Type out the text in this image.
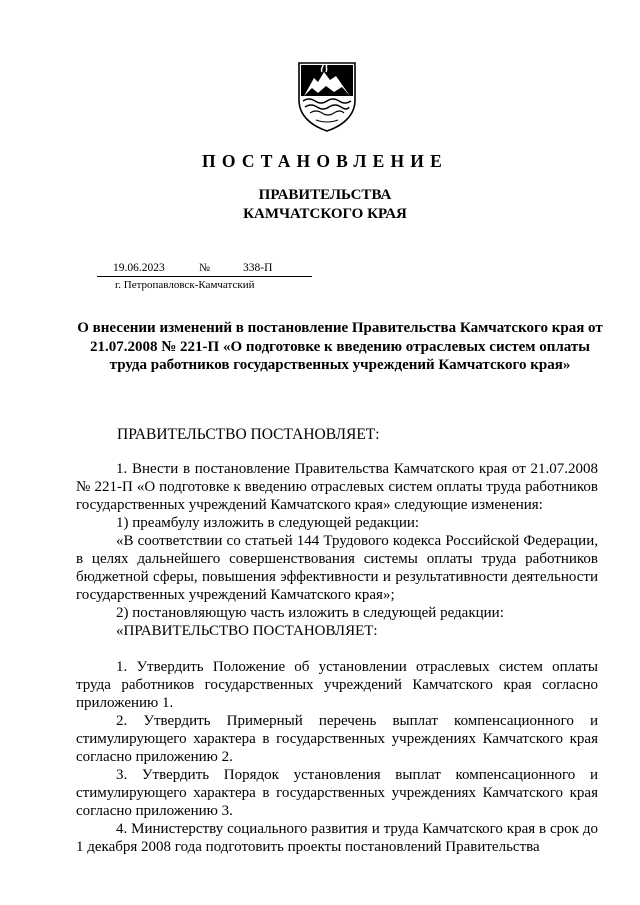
ПОСТАНОВЛЕНИЕ
ПРАВИТЕЛЬСТВА
КАМЧАТСКОГО КРАЯ
19.06.2023	№	338-П
г. Петропавловск-Камчатский
О внесении изменений в постановление Правительства Камчатского края от 21.07.2008 № 221-П «О подготовке к введению отраслевых систем оплаты труда работников государственных учреждений Камчатского края»
ПРАВИТЕЛЬСТВО ПОСТАНОВЛЯЕТ:

1. Внести в постановление Правительства Камчатского края от 21.07.2008 № 221-П «О подготовке к введению отраслевых систем оплаты труда работников государственных учреждений Камчатского края» следующие изменения:

1) преамбулу изложить в следующей редакции:

«В соответствии со статьей 144 Трудового кодекса Российской Федерации, в целях дальнейшего совершенствования системы оплаты труда работников бюджетной сферы, повышения эффективности и результативности деятельности государственных учреждений Камчатского края»;

2) постановляющую часть изложить в следующей редакции:

«ПРАВИТЕЛЬСТВО ПОСТАНОВЛЯЕТ:

1. Утвердить Положение об установлении отраслевых систем оплаты труда работников государственных учреждений Камчатского края согласно приложению 1.

2. Утвердить Примерный перечень выплат компенсационного и стимулирующего характера в государственных учреждениях Камчатского края согласно приложению 2.

3. Утвердить Порядок установления выплат компенсационного и стимулирующего характера в государственных учреждениях Камчатского края согласно приложению 3.

4. Министерству социального развития и труда Камчатского края в срок до 1 декабря 2008 года подготовить проекты постановлений Правительства
